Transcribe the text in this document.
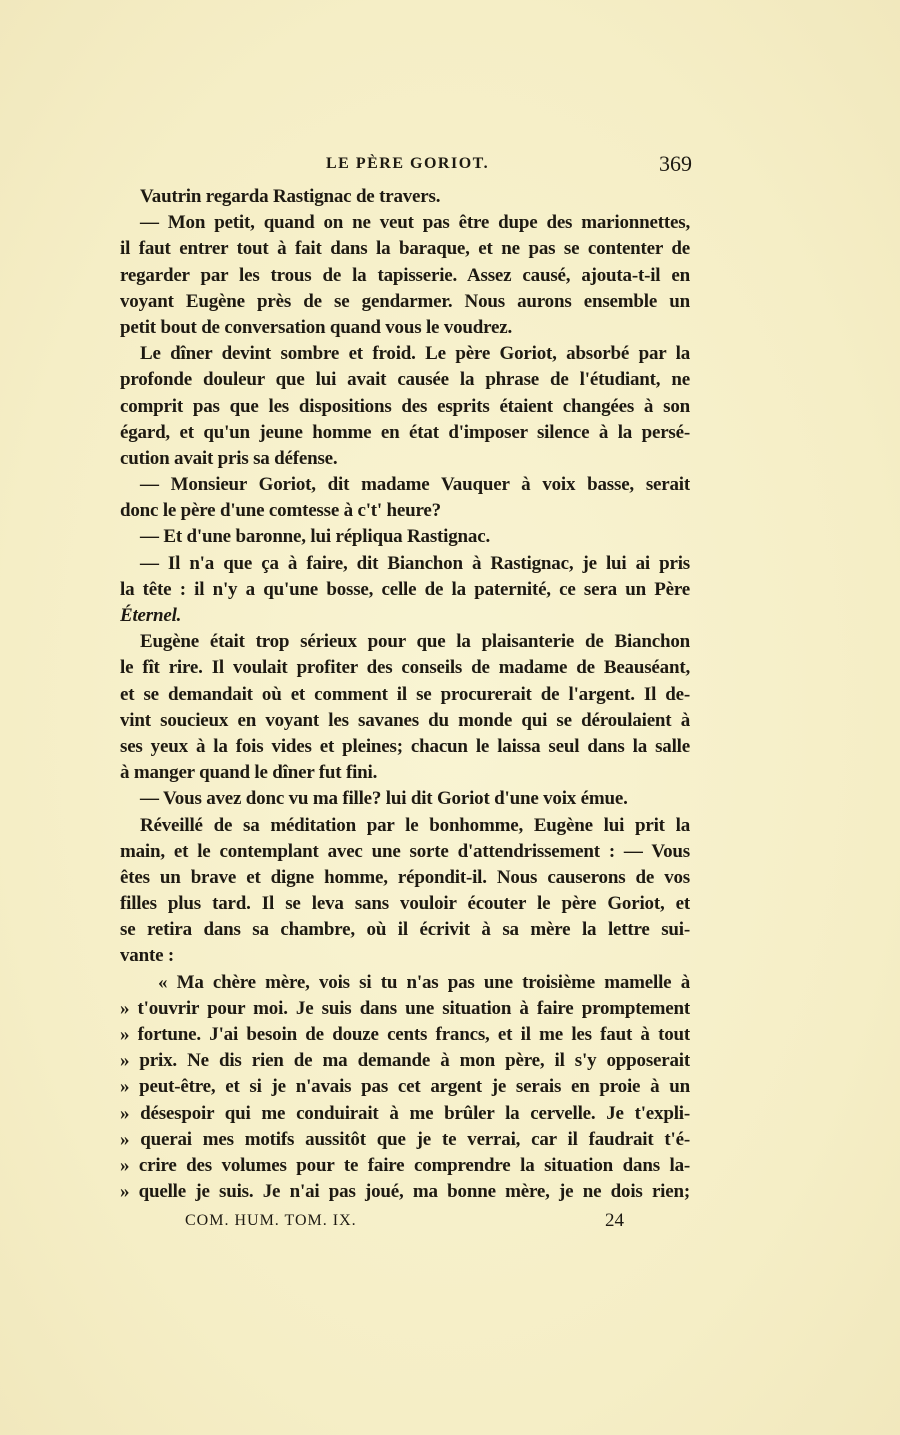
LE PÈRE GORIOT.	369
Vautrin regarda Rastignac de travers.
— Mon petit, quand on ne veut pas être dupe des marionnettes,
il faut entrer tout à fait dans la baraque, et ne pas se contenter de
regarder par les trous de la tapisserie. Assez causé, ajouta-t-il en
voyant Eugène près de se gendarmer. Nous aurons ensemble un
petit bout de conversation quand vous le voudrez.
Le dîner devint sombre et froid. Le père Goriot, absorbé par la
profonde douleur que lui avait causée la phrase de l'étudiant, ne
comprit pas que les dispositions des esprits étaient changées à son
égard, et qu'un jeune homme en état d'imposer silence à la persé-
cution avait pris sa défense.
— Monsieur Goriot, dit madame Vauquer à voix basse, serait
donc le père d'une comtesse à c't' heure?
— Et d'une baronne, lui répliqua Rastignac.
— Il n'a que ça à faire, dit Bianchon à Rastignac, je lui ai pris
la tête : il n'y a qu'une bosse, celle de la paternité, ce sera un Père
Éternel.
Eugène était trop sérieux pour que la plaisanterie de Bianchon
le fît rire. Il voulait profiter des conseils de madame de Beauséant,
et se demandait où et comment il se procurerait de l'argent. Il de-
vint soucieux en voyant les savanes du monde qui se déroulaient à
ses yeux à la fois vides et pleines; chacun le laissa seul dans la salle
à manger quand le dîner fut fini.
— Vous avez donc vu ma fille? lui dit Goriot d'une voix émue.
Réveillé de sa méditation par le bonhomme, Eugène lui prit la
main, et le contemplant avec une sorte d'attendrissement : — Vous
êtes un brave et digne homme, répondit-il. Nous causerons de vos
filles plus tard. Il se leva sans vouloir écouter le père Goriot, et
se retira dans sa chambre, où il écrivit à sa mère la lettre sui-
vante :
« Ma chère mère, vois si tu n'as pas une troisième mamelle à
» t'ouvrir pour moi. Je suis dans une situation à faire promptement
» fortune. J'ai besoin de douze cents francs, et il me les faut à tout
» prix. Ne dis rien de ma demande à mon père, il s'y opposerait
» peut-être, et si je n'avais pas cet argent je serais en proie à un
» désespoir qui me conduirait à me brûler la cervelle. Je t'expli-
» querai mes motifs aussitôt que je te verrai, car il faudrait t'é-
» crire des volumes pour te faire comprendre la situation dans la-
» quelle je suis. Je n'ai pas joué, ma bonne mère, je ne dois rien;
COM. HUM. TOM. IX.	24
